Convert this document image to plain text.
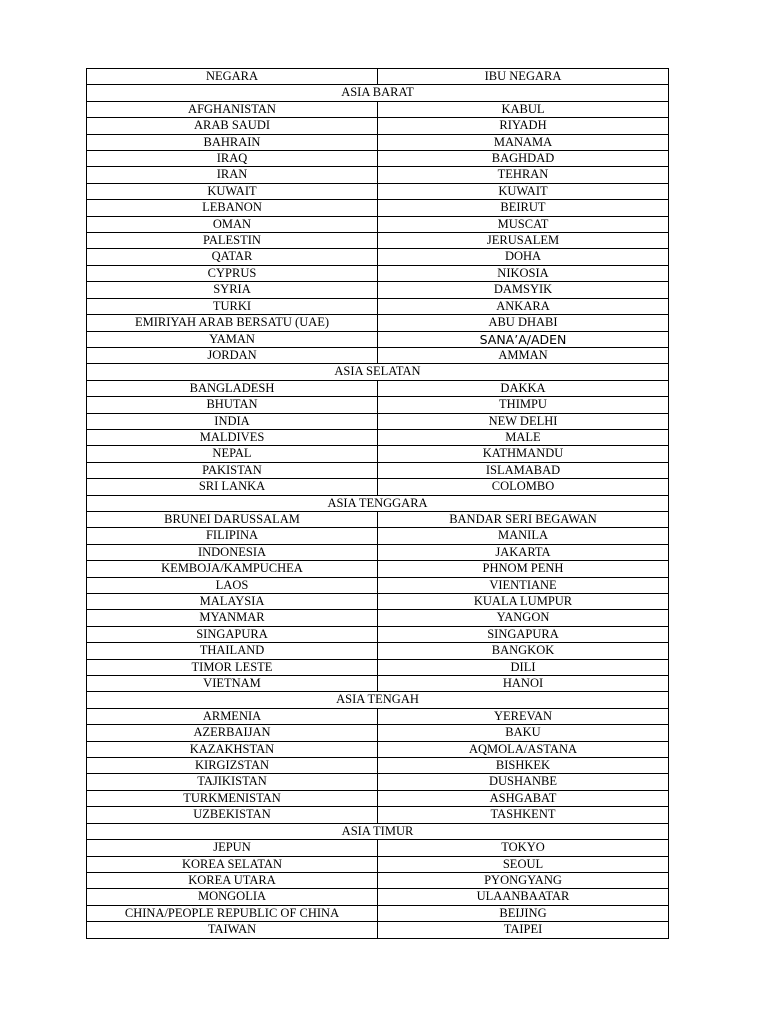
NEGARA	IBU NEGARA
ASIA BARAT	
AFGHANISTAN	KABUL
ARAB SAUDI	RIYADH
BAHRAIN	MANAMA
IRAQ	BAGHDAD
IRAN	TEHRAN
KUWAIT	KUWAIT
LEBANON	BEIRUT
OMAN	MUSCAT
PALESTIN	JERUSALEM
QATAR	DOHA
CYPRUS	NIKOSIA
SYRIA	DAMSYIK
TURKI	ANKARA
EMIRIYAH ARAB BERSATU (UAE)	ABU DHABI
YAMAN	SANA’A/ADEN
JORDAN	AMMAN
ASIA SELATAN	
BANGLADESH	DAKKA
BHUTAN	THIMPU
INDIA	NEW DELHI
MALDIVES	MALE
NEPAL	KATHMANDU
PAKISTAN	ISLAMABAD
SRI LANKA	COLOMBO
ASIA TENGGARA	
BRUNEI DARUSSALAM	BANDAR SERI BEGAWAN
FILIPINA	MANILA
INDONESIA	JAKARTA
KEMBOJA/KAMPUCHEA	PHNOM PENH
LAOS	VIENTIANE
MALAYSIA	KUALA LUMPUR
MYANMAR	YANGON
SINGAPURA	SINGAPURA
THAILAND	BANGKOK
TIMOR LESTE	DILI
VIETNAM	HANOI
ASIA TENGAH	
ARMENIA	YEREVAN
AZERBAIJAN	BAKU
KAZAKHSTAN	AQMOLA/ASTANA
KIRGIZSTAN	BISHKEK
TAJIKISTAN	DUSHANBE
TURKMENISTAN	ASHGABAT
UZBEKISTAN	TASHKENT
ASIA TIMUR	
JEPUN	TOKYO
KOREA SELATAN	SEOUL
KOREA UTARA	PYONGYANG
MONGOLIA	ULAANBAATAR
CHINA/PEOPLE REPUBLIC OF CHINA	BEIJING
TAIWAN	TAIPEI
